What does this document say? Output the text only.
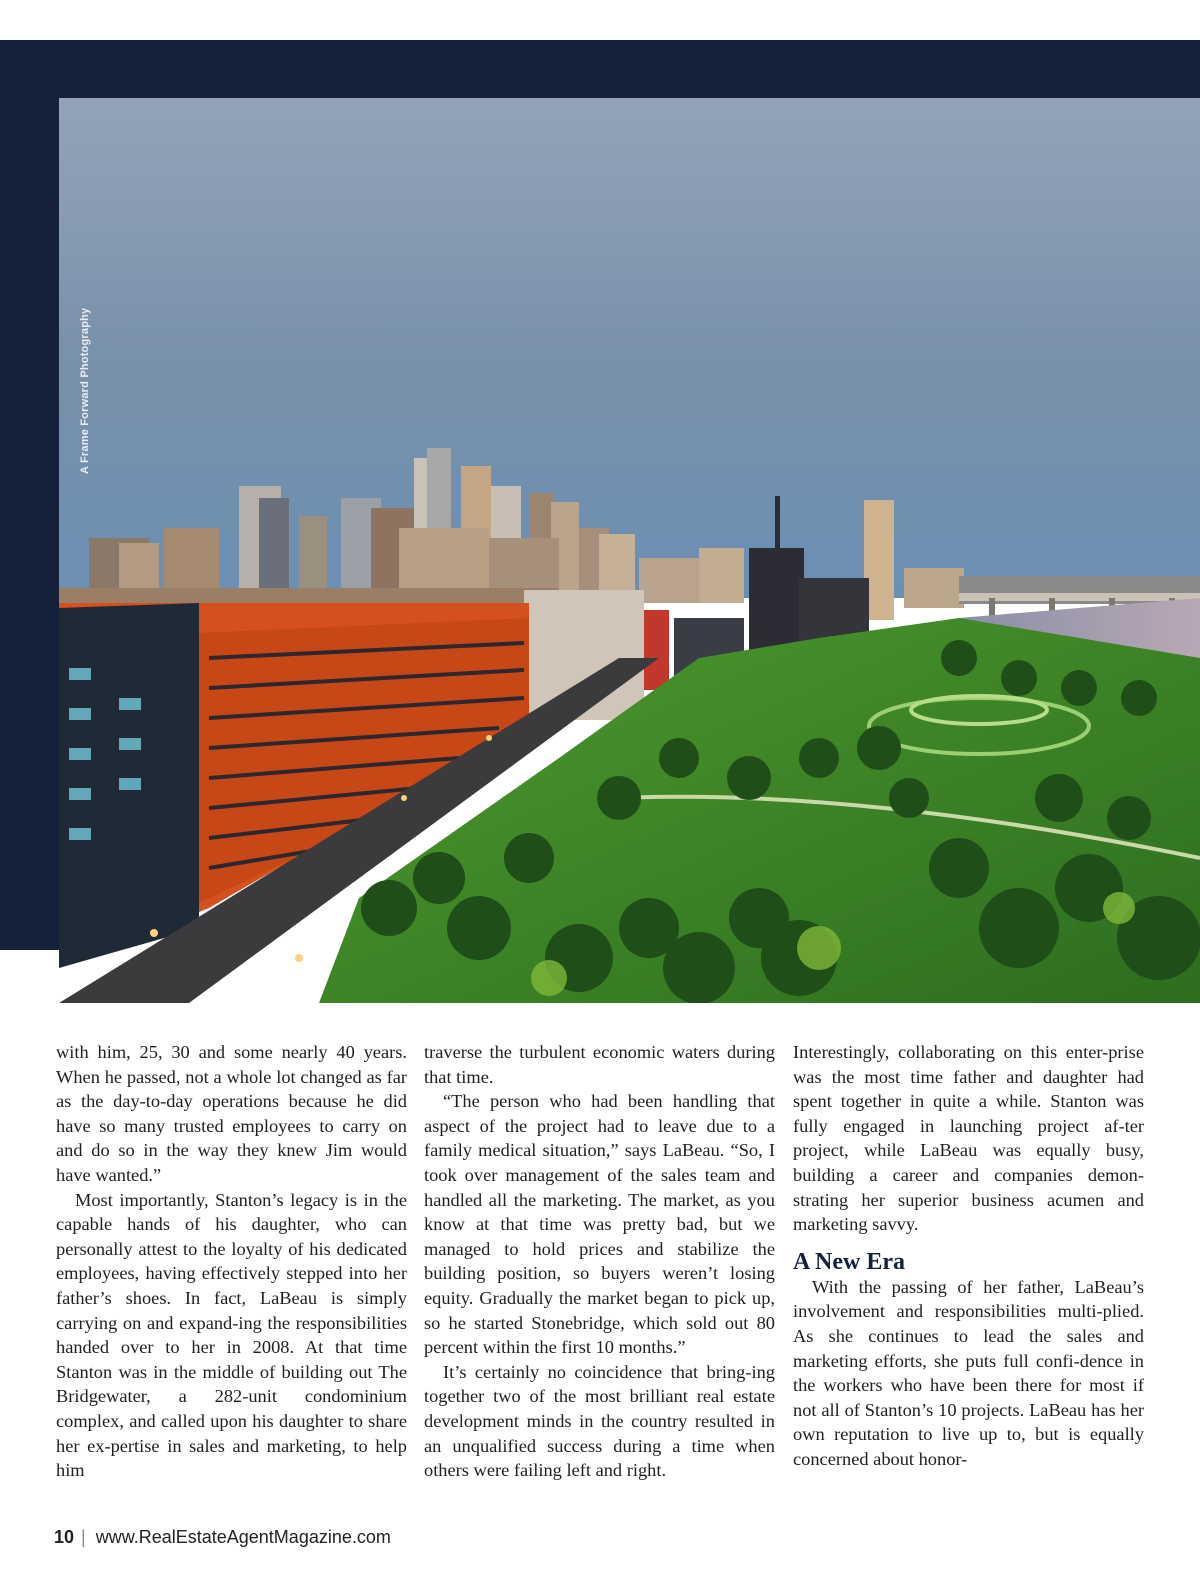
A Frame Forward Photography

with him, 25, 30 and some nearly 40 years. When he passed, not a whole lot changed as far as the day-to-day operations because he did have so many trusted employees to carry on and do so in the way they knew Jim would have wanted.”

Most importantly, Stanton’s legacy is in the capable hands of his daughter, who can personally attest to the loyalty of his dedicated employees, having effectively stepped into her father’s shoes. In fact, LaBeau is simply carrying on and expand-ing the responsibilities handed over to her in 2008. At that time Stanton was in the middle of building out The Bridgewater, a 282-unit condominium complex, and called upon his daughter to share her ex-pertise in sales and marketing, to help him

traverse the turbulent economic waters during that time.

“The person who had been handling that aspect of the project had to leave due to a family medical situation,” says LaBeau. “So, I took over management of the sales team and handled all the marketing. The market, as you know at that time was pretty bad, but we managed to hold prices and stabilize the building position, so buyers weren’t losing equity. Gradually the market began to pick up, so he started Stonebridge, which sold out 80 percent within the first 10 months.”

It’s certainly no coincidence that bring-ing together two of the most brilliant real estate development minds in the country resulted in an unqualified success during a time when others were failing left and right.

Interestingly, collaborating on this enter-prise was the most time father and daughter had spent together in quite a while. Stanton was fully engaged in launching project af-ter project, while LaBeau was equally busy, building a career and companies demon-strating her superior business acumen and marketing savvy.

A New Era

With the passing of her father, LaBeau’s involvement and responsibilities multi-plied. As she continues to lead the sales and marketing efforts, she puts full confi-dence in the workers who have been there for most if not all of Stanton’s 10 projects. LaBeau has her own reputation to live up to, but is equally concerned about honor-

10 | www.RealEstateAgentMagazine.com
